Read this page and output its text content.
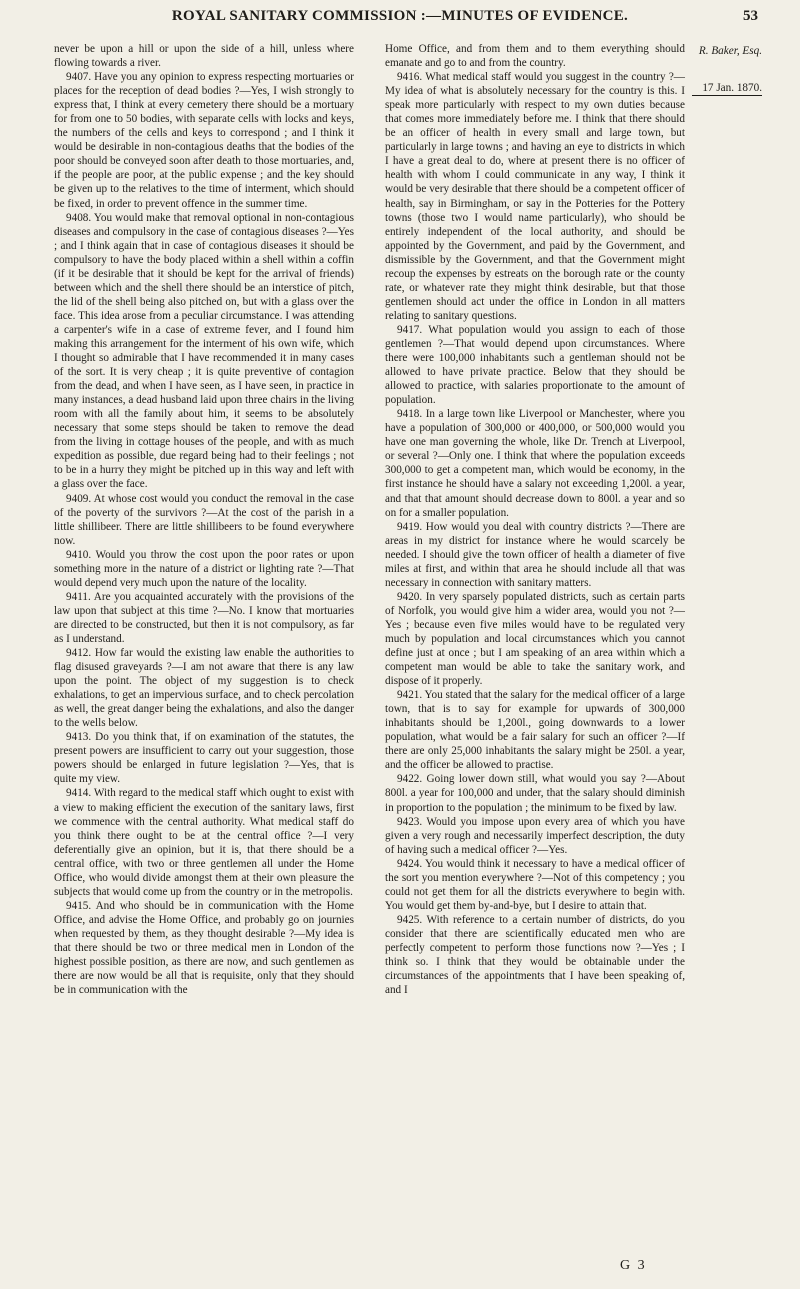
ROYAL SANITARY COMMISSION :—MINUTES OF EVIDENCE.	53

never be upon a hill or upon the side of a hill, unless where flowing towards a river.

9407. Have you any opinion to express respecting mortuaries or places for the reception of dead bodies ?—Yes, I wish strongly to express that, I think at every cemetery there should be a mortuary for from one to 50 bodies, with separate cells with locks and keys, the numbers of the cells and keys to correspond ; and I think it would be desirable in non-contagious deaths that the bodies of the poor should be conveyed soon after death to those mortuaries, and, if the people are poor, at the public expense ; and the key should be given up to the relatives to the time of interment, which should be fixed, in order to prevent offence in the summer time.

9408. You would make that removal optional in non-contagious diseases and compulsory in the case of contagious diseases ?—Yes ; and I think again that in case of contagious diseases it should be compulsory to have the body placed within a shell within a coffin (if it be desirable that it should be kept for the arrival of friends) between which and the shell there should be an interstice of pitch, the lid of the shell being also pitched on, but with a glass over the face. This idea arose from a peculiar circumstance. I was attending a carpenter's wife in a case of extreme fever, and I found him making this arrangement for the interment of his own wife, which I thought so admirable that I have recommended it in many cases of the sort. It is very cheap ; it is quite preventive of contagion from the dead, and when I have seen, as I have seen, in practice in many instances, a dead husband laid upon three chairs in the living room with all the family about him, it seems to be absolutely necessary that some steps should be taken to remove the dead from the living in cottage houses of the people, and with as much expedition as possible, due regard being had to their feelings ; not to be in a hurry they might be pitched up in this way and left with a glass over the face.

9409. At whose cost would you conduct the removal in the case of the poverty of the survivors ?—At the cost of the parish in a little shillibeer. There are little shillibeers to be found everywhere now.

9410. Would you throw the cost upon the poor rates or upon something more in the nature of a district or lighting rate ?—That would depend very much upon the nature of the locality.

9411. Are you acquainted accurately with the provisions of the law upon that subject at this time ?—No. I know that mortuaries are directed to be constructed, but then it is not compulsory, as far as I understand.

9412. How far would the existing law enable the authorities to flag disused graveyards ?—I am not aware that there is any law upon the point. The object of my suggestion is to check exhalations, to get an impervious surface, and to check percolation as well, the great danger being the exhalations, and also the danger to the wells below.

9413. Do you think that, if on examination of the statutes, the present powers are insufficient to carry out your suggestion, those powers should be enlarged in future legislation ?—Yes, that is quite my view.

9414. With regard to the medical staff which ought to exist with a view to making efficient the execution of the sanitary laws, first we commence with the central authority. What medical staff do you think there ought to be at the central office ?—I very deferentially give an opinion, but it is, that there should be a central office, with two or three gentlemen all under the Home Office, who would divide amongst them at their own pleasure the subjects that would come up from the country or in the metropolis.

9415. And who should be in communication with the Home Office, and advise the Home Office, and probably go on journies when requested by them, as they thought desirable ?—My idea is that there should be two or three medical men in London of the highest possible position, as there are now, and such gentlemen as there are now would be all that is requisite, only that they should be in communication with the

Home Office, and from them and to them everything should emanate and go to and from the country.

9416. What medical staff would you suggest in the country ?—My idea of what is absolutely necessary for the country is this. I speak more particularly with respect to my own duties because that comes more immediately before me. I think that there should be an officer of health in every small and large town, but particularly in large towns ; and having an eye to districts in which I have a great deal to do, where at present there is no officer of health with whom I could communicate in any way, I think it would be very desirable that there should be a competent officer of health, say in Birmingham, or say in the Potteries for the Pottery towns (those two I would name particularly), who should be entirely independent of the local authority, and should be appointed by the Government, and paid by the Government, and dismissible by the Government, and that the Government might recoup the expenses by estreats on the borough rate or the county rate, or whatever rate they might think desirable, but that those gentlemen should act under the office in London in all matters relating to sanitary questions.

9417. What population would you assign to each of those gentlemen ?—That would depend upon circumstances. Where there were 100,000 inhabitants such a gentleman should not be allowed to have private practice. Below that they should be allowed to practice, with salaries proportionate to the amount of population.

9418. In a large town like Liverpool or Manchester, where you have a population of 300,000 or 400,000, or 500,000 would you have one man governing the whole, like Dr. Trench at Liverpool, or several ?—Only one. I think that where the population exceeds 300,000 to get a competent man, which would be economy, in the first instance he should have a salary not exceeding 1,200l. a year, and that that amount should decrease down to 800l. a year and so on for a smaller population.

9419. How would you deal with country districts ?—There are areas in my district for instance where he would scarcely be needed. I should give the town officer of health a diameter of five miles at first, and within that area he should include all that was necessary in connection with sanitary matters.

9420. In very sparsely populated districts, such as certain parts of Norfolk, you would give him a wider area, would you not ?—Yes ; because even five miles would have to be regulated very much by population and local circumstances which you cannot define just at once ; but I am speaking of an area within which a competent man would be able to take the sanitary work, and dispose of it properly.

9421. You stated that the salary for the medical officer of a large town, that is to say for example for upwards of 300,000 inhabitants should be 1,200l., going downwards to a lower population, what would be a fair salary for such an officer ?—If there are only 25,000 inhabitants the salary might be 250l. a year, and the officer be allowed to practise.

9422. Going lower down still, what would you say ?—About 800l. a year for 100,000 and under, that the salary should diminish in proportion to the population ; the minimum to be fixed by law.

9423. Would you impose upon every area of which you have given a very rough and necessarily imperfect description, the duty of having such a medical officer ?—Yes.

9424. You would think it necessary to have a medical officer of the sort you mention everywhere ?—Not of this competency ; you could not get them for all the districts everywhere to begin with. You would get them by-and-bye, but I desire to attain that.

9425. With reference to a certain number of districts, do you consider that there are scientifically educated men who are perfectly competent to perform those functions now ?—Yes ; I think so. I think that they would be obtainable under the circumstances of the appointments that I have been speaking of, and I

R. Baker, Esq.
17 Jan. 1870.
G 3
